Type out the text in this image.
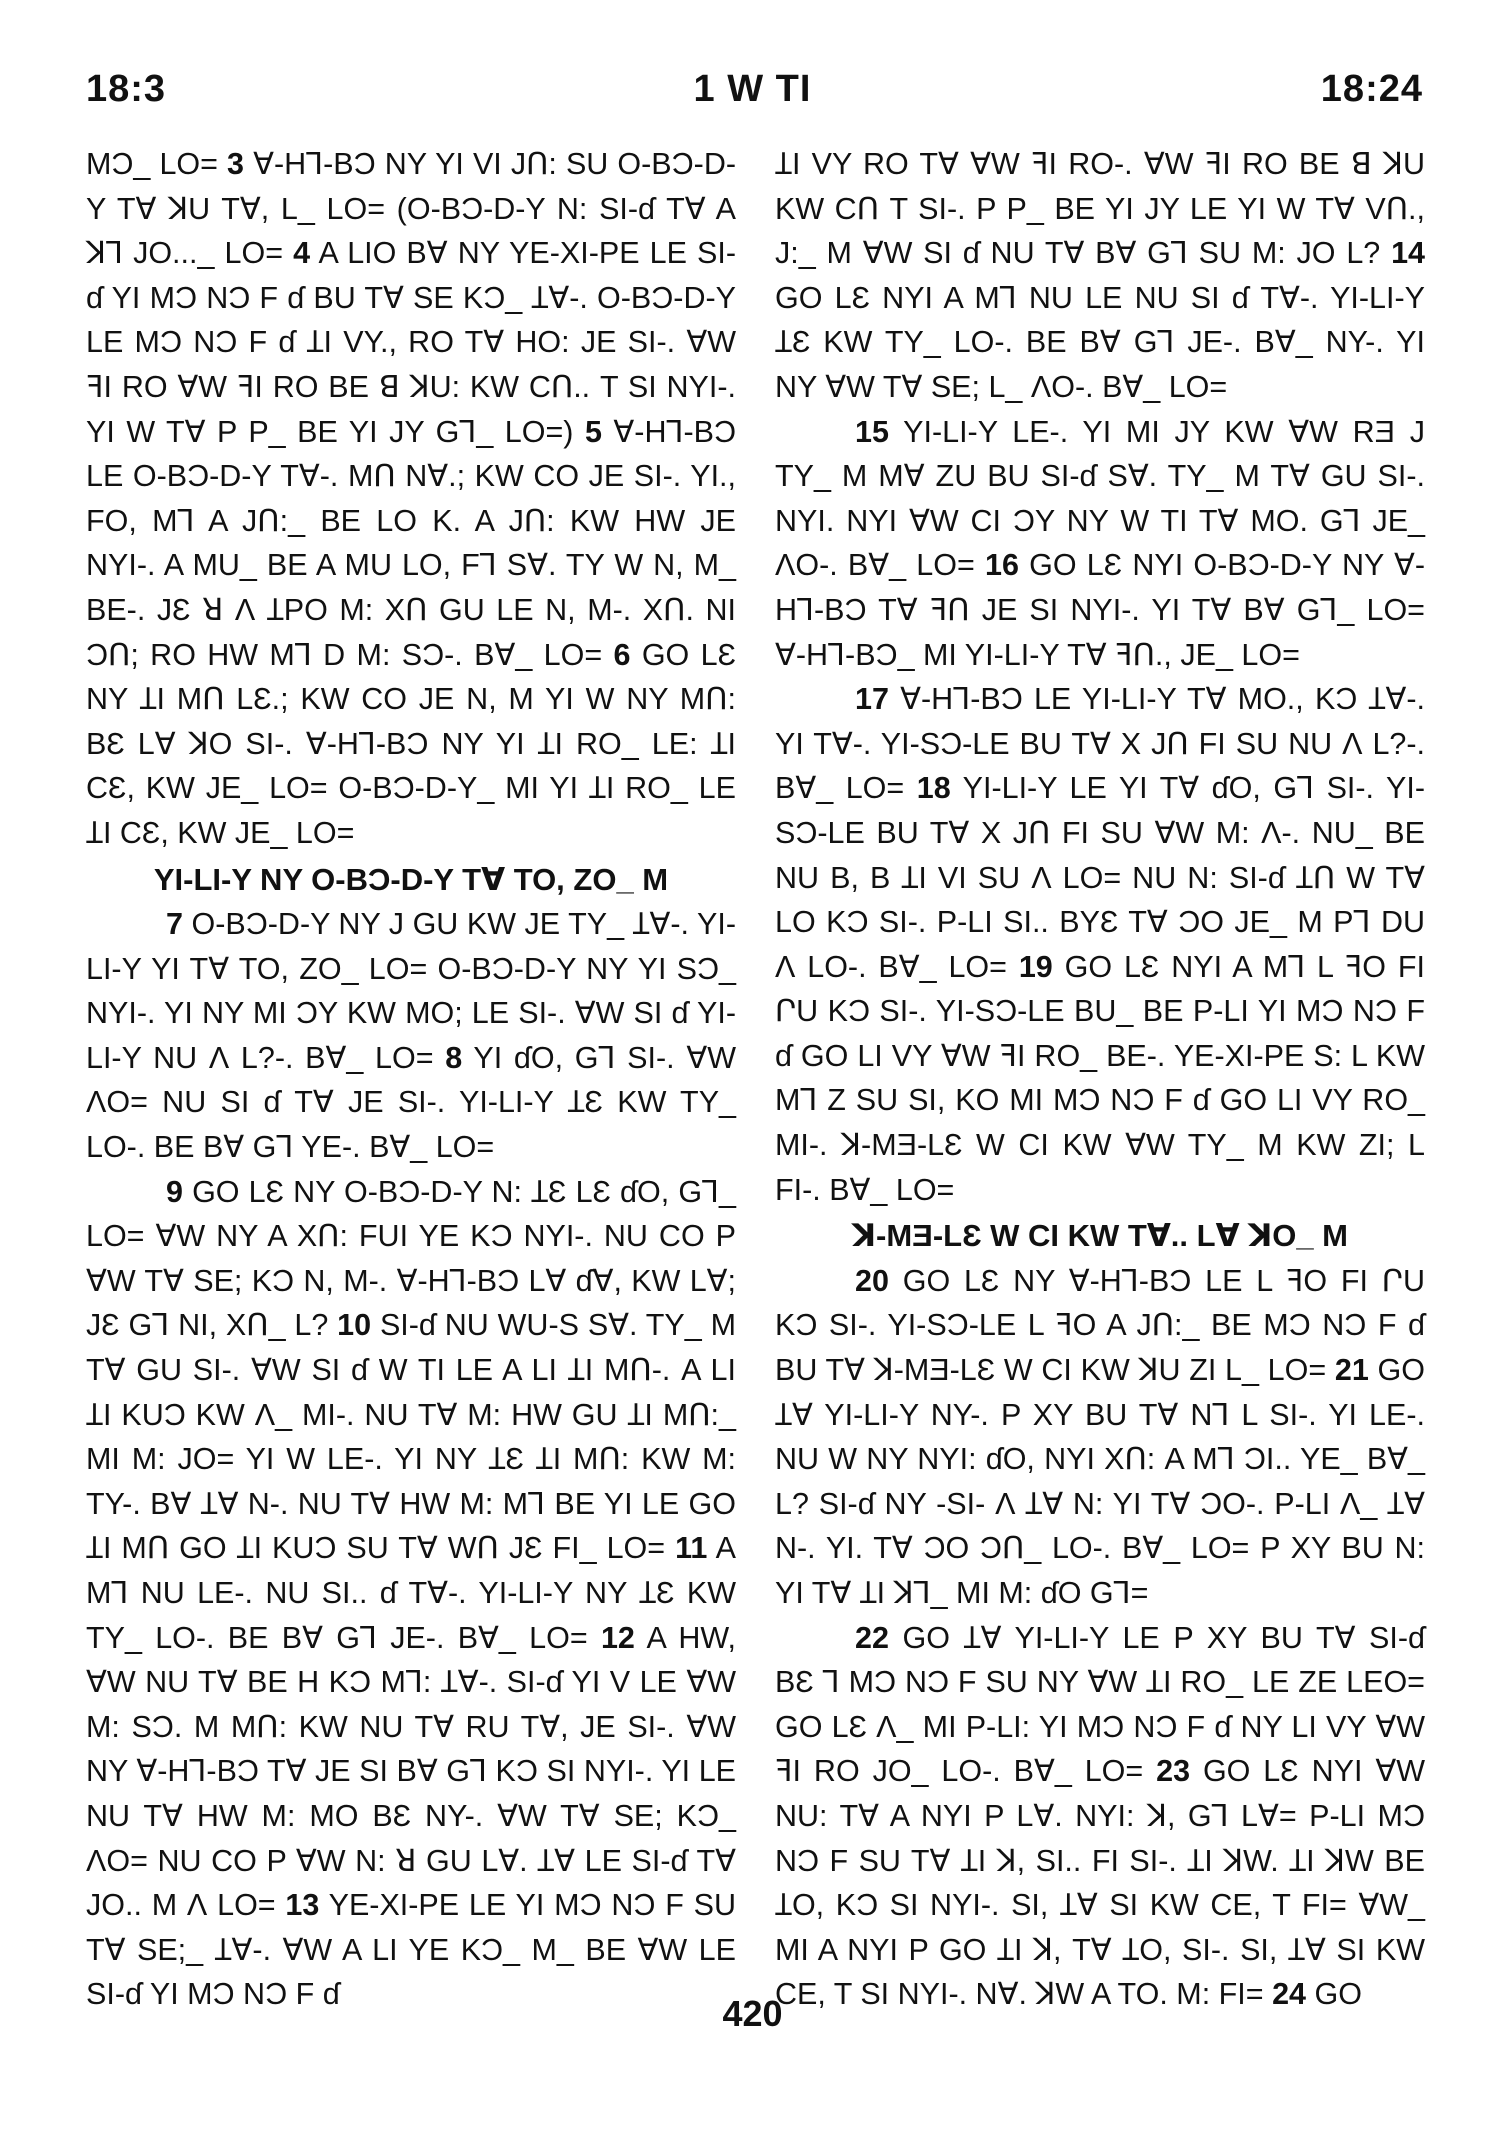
18:3	1 W TI	18:24

MƆ_ LO= 3 Ɐ-HꞀ-BƆ NY YI VI JՈ: SU O-BƆ-D-Y TⱯ ꓘU TⱯ, L_ LO= (O-BƆ-D-Y N: SI-ɗ TⱯ A ꓘꞀ JO..._ LO= 4 A LIO BⱯ NY YE-XI-PE LE SI-ɗ YI MƆ NƆ F ɗ BU TⱯ SE KƆ_ ꞱⱯ-. O-BƆ-D-Y LE MƆ NƆ F ɗ ꞱI VY., RO TⱯ HO: JE SI-. ⱯW ꟻI RO ⱯW ꟻI RO BE ꓭ ꓘU: KW CՈ.. T SI NYI-. YI W TⱯ P P_ BE YI JY GꞀ_ LO=) 5 Ɐ-HꞀ-BƆ LE O-BƆ-D-Y TⱯ-. MՈ NⱯ.; KW CO JE SI-. YI., FO, MꞀ A JՈ:_ BE LO K. A JՈ: KW HW JE NYI-. A MU_ BE A MU LO, FꞀ SⱯ. TY W N, M_ BE-. JƐ ꓤ Ʌ ꞱPO M: XՈ GU LE N, M-. XՈ. NI ƆՈ; RO HW MꞀ D M: SƆ-. BⱯ_ LO= 6 GO LƐ NY ꞱI MՈ LƐ.; KW CO JE N, M YI W NY MՈ: BƐ LⱯ ꓘO SI-. Ɐ-HꞀ-BƆ NY YI ꞱI RO_ LE: ꞱI CƐ, KW JE_ LO= O-BƆ-D-Y_ MI YI ꞱI RO_ LE ꞱI CƐ, KW JE_ LO=

YI-LI-Y NY O-BƆ-D-Y TⱯ TO, ZO_ M

7 O-BƆ-D-Y NY J GU KW JE TY_ ꞱⱯ-. YI-LI-Y YI TⱯ TO, ZO_ LO= O-BƆ-D-Y NY YI SƆ_ NYI-. YI NY MI ƆY KW MO; LE SI-. ⱯW SI ɗ YI-LI-Y NU Ʌ L?-. BⱯ_ LO= 8 YI ɗO, GꞀ SI-. ⱯW ɅO= NU SI ɗ TⱯ JE SI-. YI-LI-Y ꞱƐ KW TY_ LO-. BE BⱯ GꞀ YE-. BⱯ_ LO=

9 GO LƐ NY O-BƆ-D-Y N: ꞱƐ LƐ ɗO, GꞀ_ LO= ⱯW NY A XՈ: FUI YE KƆ NYI-. NU CO P ⱯW TⱯ SE; KƆ N, M-. Ɐ-HꞀ-BƆ LⱯ ɗⱯ, KW LⱯ; JƐ GꞀ NI, XՈ_ L? 10 SI-ɗ NU WU-S SⱯ. TY_ M TⱯ GU SI-. ⱯW SI ɗ W TI LE A LI ꞱI MՈ-. A LI ꞱI KUƆ KW Ʌ_ MI-. NU TⱯ M: HW GU ꞱI MՈ:_ MI M: JO= YI W LE-. YI NY ꞱƐ ꞱI MՈ: KW M: TY-. BⱯ ꞱⱯ N-. NU TⱯ HW M: MꞀ BE YI LE GO ꞱI MՈ GO ꞱI KUƆ SU TⱯ WՈ JƐ FI_ LO= 11 A MꞀ NU LE-. NU SI.. ɗ TⱯ-. YI-LI-Y NY ꞱƐ KW TY_ LO-. BE BⱯ GꞀ JE-. BⱯ_ LO= 12 A HW, ⱯW NU TⱯ BE H KƆ MꞀ: ꞱⱯ-. SI-ɗ YI V LE ⱯW M: SƆ. M MՈ: KW NU TⱯ RU TⱯ, JE SI-. ⱯW NY Ɐ-HꞀ-BƆ TⱯ JE SI BⱯ GꞀ KƆ SI NYI-. YI LE NU TⱯ HW M: MO BƐ NY-. ⱯW TⱯ SE; KƆ_ ɅO= NU CO P ⱯW N: ꓤ GU LⱯ. ꞱⱯ LE SI-ɗ TⱯ JO.. M Ʌ LO= 13 YE-XI-PE LE YI MƆ NƆ F SU TⱯ SE;_ ꞱⱯ-. ⱯW A LI YE KƆ_ M_ BE ⱯW LE SI-ɗ YI MƆ NƆ F ɗ

ꞱI VY RO TⱯ ⱯW ꟻI RO-. ⱯW ꟻI RO BE ꓭ ꓘU KW CՈ T SI-. P P_ BE YI JY LE YI W TⱯ VՈ., J:_ M ⱯW SI ɗ NU TⱯ BⱯ GꞀ SU M: JO L? 14 GO LƐ NYI A MꞀ NU LE NU SI ɗ TⱯ-. YI-LI-Y ꞱƐ KW TY_ LO-. BE BⱯ GꞀ JE-. BⱯ_ NY-. YI NY ⱯW TⱯ SE; L_ ɅO-. BⱯ_ LO=

15 YI-LI-Y LE-. YI MI JY KW ⱯW RƎ J TY_ M MⱯ ZU BU SI-ɗ SⱯ. TY_ M TⱯ GU SI-. NYI. NYI ⱯW CI ƆY NY W TI TⱯ MO. GꞀ JE_ ɅO-. BⱯ_ LO= 16 GO LƐ NYI O-BƆ-D-Y NY Ɐ-HꞀ-BƆ TⱯ ꟻՈ JE SI NYI-. YI TⱯ BⱯ GꞀ_ LO= Ɐ-HꞀ-BƆ_ MI YI-LI-Y TⱯ ꟻՈ., JE_ LO=

17 Ɐ-HꞀ-BƆ LE YI-LI-Y TⱯ MO., KƆ ꞱⱯ-. YI TⱯ-. YI-SƆ-LE BU TⱯ X JՈ FI SU NU Ʌ L?-. BⱯ_ LO= 18 YI-LI-Y LE YI TⱯ ɗO, GꞀ SI-. YI-SƆ-LE BU TⱯ X JՈ FI SU ⱯW M: Ʌ-. NU_ BE NU B, B ꞱI VI SU Ʌ LO= NU N: SI-ɗ ꞱՈ W TⱯ LO KƆ SI-. P-LI SI.. BYƐ TⱯ ƆO JE_ M PꞀ DU Ʌ LO-. BⱯ_ LO= 19 GO LƐ NYI A MꞀ L ꟻO FI ՐU KƆ SI-. YI-SƆ-LE BU_ BE P-LI YI MƆ NƆ F ɗ GO LI VY ⱯW ꟻI RO_ BE-. YE-XI-PE S: L KW MꞀ Z SU SI, KO MI MƆ NƆ F ɗ GO LI VY RO_ MI-. ꓘ-MƎ-LƐ W CI KW ⱯW TY_ M KW ZI; L FI-. BⱯ_ LO=

ꓘ-MƎ-LƐ W CI KW TⱯ.. LⱯ ꓘO_ M

20 GO LƐ NY Ɐ-HꞀ-BƆ LE L ꟻO FI ՐU KƆ SI-. YI-SƆ-LE L ꟻO A JՈ:_ BE MƆ NƆ F ɗ BU TⱯ ꓘ-MƎ-LƐ W CI KW ꓘU ZI L_ LO= 21 GO ꞱⱯ YI-LI-Y NY-. P XY BU TⱯ NꞀ L SI-. YI LE-. NU W NY NYI: ɗO, NYI XՈ: A MꞀ ƆI.. YE_ BⱯ_ L? SI-ɗ NY -SI- Ʌ ꞱⱯ N: YI TⱯ ƆO-. P-LI Ʌ_ ꞱⱯ N-. YI. TⱯ ƆO ƆՈ_ LO-. BⱯ_ LO= P XY BU N: YI TⱯ ꞱI ꓘꞀ_ MI M: ɗO GꞀ=

22 GO ꞱⱯ YI-LI-Y LE P XY BU TⱯ SI-ɗ BƐ Ꞁ MƆ NƆ F SU NY ⱯW ꞱI RO_ LE ZE LEO= GO LƐ Ʌ_ MI P-LI: YI MƆ NƆ F ɗ NY LI VY ⱯW ꟻI RO JO_ LO-. BⱯ_ LO= 23 GO LƐ NYI ⱯW NU: TⱯ A NYI P LⱯ. NYI: ꓘ, GꞀ LⱯ= P-LI MƆ NƆ F SU TⱯ ꞱI ꓘ, SI.. FI SI-. ꞱI ꓘW. ꞱI ꓘW BE ꞱO, KƆ SI NYI-. SI, ꞱⱯ SI KW CE, T FI= ⱯW_ MI A NYI P GO ꞱI ꓘ, TⱯ ꞱO, SI-. SI, ꞱⱯ SI KW CE, T SI NYI-. NⱯ. ꓘW A TO. M: FI= 24 GO

420
